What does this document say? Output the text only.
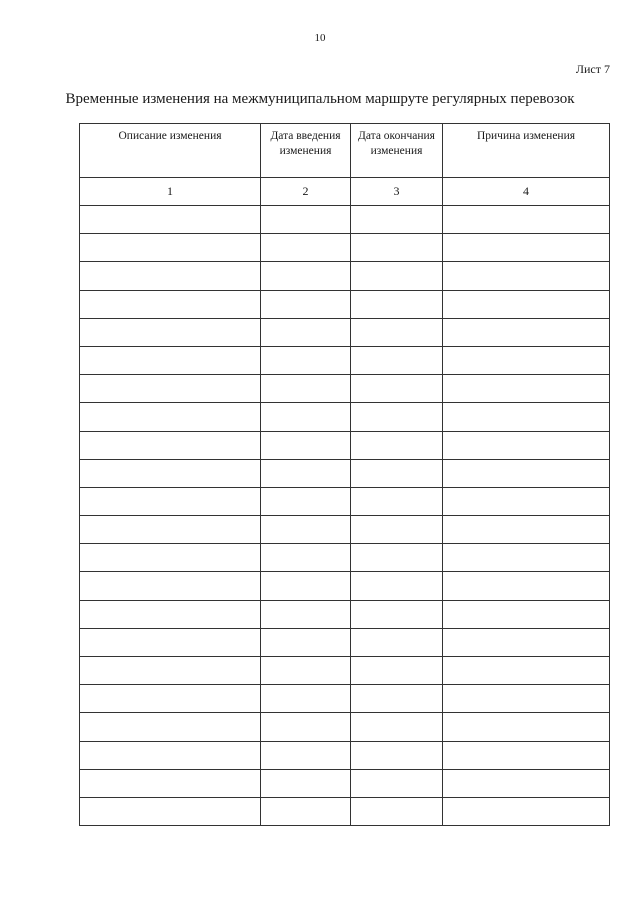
10
Лист 7
Временные изменения на межмуниципальном маршруте регулярных перевозок
Описание изменения	Дата введения изменения	Дата окончания изменения	Причина изменения
1	2	3	4
